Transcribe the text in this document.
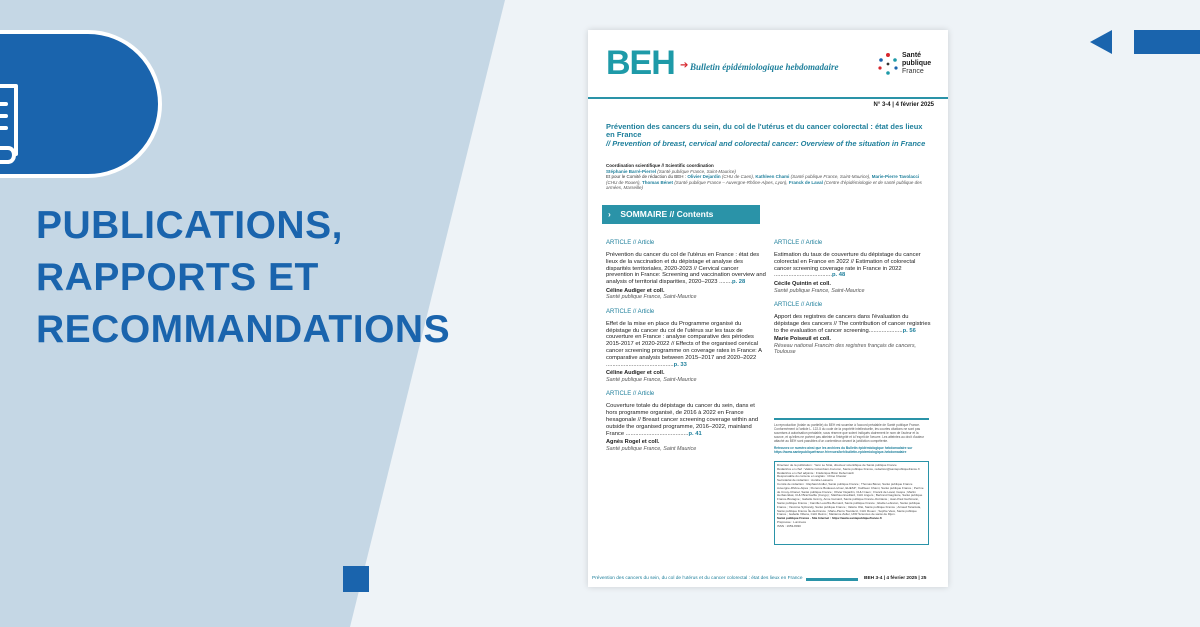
PUBLICATIONS,
RAPPORTS ET
RECOMMANDATIONS
BEH ➔ Bulletin épidémiologique hebdomadaire
Santé
publique
France
N° 3-4 | 4 février 2025
Prévention des cancers du sein, du col de l'utérus et du cancer colorectal : état des lieux en France
// Prevention of breast, cervical and colorectal cancer: Overview of the situation in France
Coordination scientifique // Scientific coordination
Stéphanie Barré-Pierrel (Santé publique France, Saint-Maurice)
Et pour le Comité de rédaction du BEH : Olivier Dejardin (CHU de Caen), Kathleen Chami (Santé publique France, Saint-Maurice), Marie-Pierre Tavolacci (CHU de Rouen), Thomas Bénet (Santé publique France – Auvergne-Rhône-Alpes, Lyon), Franck de Laval (Centre d'épidémiologie et de santé publique des armées, Marseille)
› SOMMAIRE // Contents
ARTICLE // Article
Prévention du cancer du col de l'utérus en France : état des lieux de la vaccination et du dépistage et analyse des disparités territoriales, 2020-2023 // Cervical cancer prevention in France: Screening and vaccination overview and analysis of territorial disparities, 2020–2023 ........p. 28
Céline Audiger et coll.
Santé publique France, Saint-Maurice
ARTICLE // Article
Effet de la mise en place du Programme organisé du dépistage du cancer du col de l'utérus sur les taux de couverture en France : analyse comparative des périodes 2015-2017 et 2020-2022 // Effects of the organised cervical cancer screening programme on coverage rates in France: A comparative analysis between 2015–2017 and 2020–2022 ..........................................p. 33
Céline Audiger et coll.
Santé publique France, Saint-Maurice
ARTICLE // Article
Couverture totale du dépistage du cancer du sein, dans et hors programme organisé, de 2016 à 2022 en France hexagonale // Breast cancer screening coverage within and outside the organised programme, 2016–2022, mainland France .......................................p. 41
Agnès Rogel et coll.
Santé publique France, Saint Maurice
ARTICLE // Article
Estimation du taux de couverture du dépistage du cancer colorectal en France en 2022 // Estimation of colorectal cancer screening coverage rate in France in 2022 ....................................p. 48
Cécile Quintin et coll.
Santé publique France, Saint-Maurice
ARTICLE // Article
Apport des registres de cancers dans l'évaluation du dépistage des cancers // The contribution of cancer registries to the evaluation of cancer screening.....................p. 56
Marie Poiseuil et coll.
Réseau national Francim des registres français de cancers, Toulouse

La reproduction (totale ou partielle) du BEH est soumise à l'accord préalable de Santé publique France. Conformément à l'article L. 122-5 du code de la propriété intellectuelle, les courtes citations ne sont pas soumises à autorisation préalable, sous réserve que soient indiqués clairement le nom de l'auteur et la source, et qu'elles ne portent pas atteinte à l'intégrité et à l'esprit de l'œuvre. Les atteintes au droit d'auteur attaché au BEH sont passibles d'un contentieux devant la juridiction compétente.

Retrouvez ce numéro ainsi que les archives du Bulletin épidémiologique hebdomadaire sur https://www.santepubliquefrance.fr/revues/beh/bulletin-epidemiologique-hebdomadaire

Directeur de la publication : Yann Le Strat, directeur scientifique de Santé publique France
Rédactrice en chef : Valérie Colombani-Cocuron, Santé publique France, redaction@santepubliquefrance.fr
Rédactrice en chef adjointe : Frédérique Biton Debernardi
Responsable du contenu en anglais : Chloé Chester
Secrétariat de rédaction : Aurélie Lasserre
Comité de rédaction : Raphaël Andler, Santé publique France ; Thomas Bénet, Santé publique France Auvergne-Rhône-Alpes ; Florence Bodeau-Livinec, EHESP ; Kathleen Chami, Santé publique France ; Perrine de Crouy-Chanel, Santé publique France ; Olivier Dejardin, CHU Caen ; Franck de Laval, Cespa ; Martin Herbas Ekat, CHU Brazzaville (Congo) ; Matthieu Eveillard, CHU Angers ; Bertrand Gagnière, Santé publique France-Bretagne ; Isabelle Grémy, Anne Guinard, Santé publique France-Occitanie ; Jean-Paul Guthmann, Santé publique France ; Camille Lecoffre-Bernard, Santé publique France ; Elodie Lebreton, Santé publique France ; Yasmine Sybrandy, Santé publique France ; Valérie Olié, Santé publique France ; Arnaud Tarantola, Santé publique France Île-de-France ; Marie-Pierre Tavolacci, CHU Rouen ; Sophie Vaux, Santé publique France ; Isabelle Villena, CHU Reims ; Marianne Zeller, UFR Sciences de santé de Dijon.
Santé publique France - Site Internet : https://www.santepubliquefrance.fr
Prépresse : Luminess
ISSN : 1953-8030
Prévention des cancers du sein, du col de l'utérus et du cancer colorectal : état des lieux en France	BEH 3-4 | 4 février 2025 | 25
